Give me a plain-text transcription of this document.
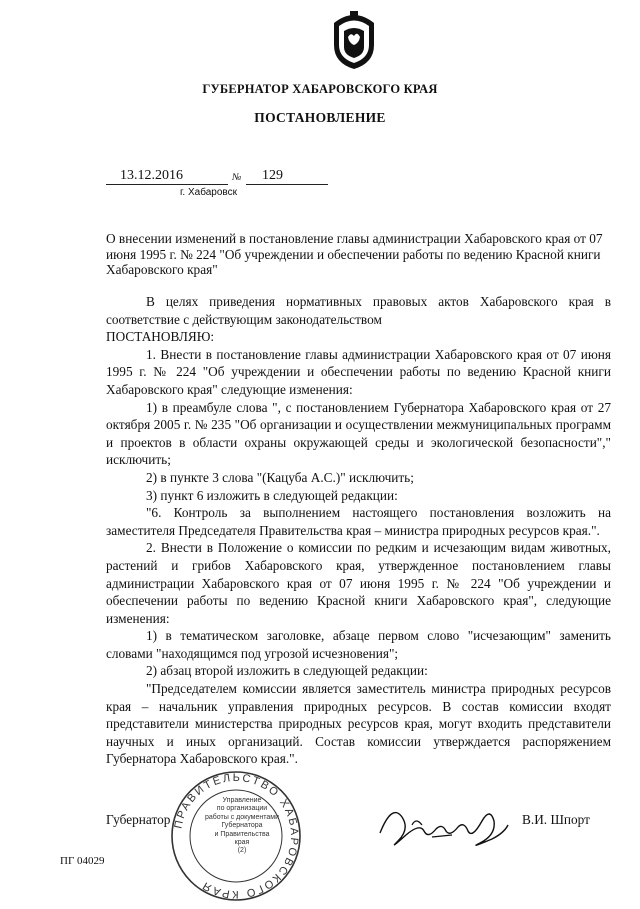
ГУБЕРНАТОР ХАБАРОВСКОГО КРАЯ
ПОСТАНОВЛЕНИЕ
13.12.2016	№ 129
г. Хабаровск
О внесении изменений в постановление главы администрации Хабаровского края от 07 июня 1995 г. № 224 "Об учреждении и обеспечении работы по ведению Красной книги Хабаровского края"

В целях приведения нормативных правовых актов Хабаровского края в соответствие с действующим законодательством

ПОСТАНОВЛЯЮ:

1. Внести в постановление главы администрации Хабаровского края от 07 июня 1995 г. № 224 "Об учреждении и обеспечении работы по ведению Красной книги Хабаровского края" следующие изменения:

1) в преамбуле слова ", с постановлением Губернатора Хабаровского края от 27 октября 2005 г. № 235 "Об организации и осуществлении межмуниципальных программ и проектов в области охраны окружающей среды и экологической безопасности"," исключить;

2) в пункте 3 слова "(Кацуба А.С.)" исключить;

3) пункт 6 изложить в следующей редакции:

"6. Контроль за выполнением настоящего постановления возложить на заместителя Председателя Правительства края – министра природных ресурсов края.".

2. Внести в Положение о комиссии по редким и исчезающим видам животных, растений и грибов Хабаровского края, утвержденное постановлением главы администрации Хабаровского края от 07 июня 1995 г. № 224 "Об учреждении и обеспечении работы по ведению Красной книги Хабаровского края", следующие изменения:

1) в тематическом заголовке, абзаце первом слово "исчезающим" заменить словами "находящимся под угрозой исчезновения";

2) абзац второй изложить в следующей редакции:

"Председателем комиссии является заместитель министра природных ресурсов края – начальник управления природных ресурсов. В состав комиссии входят представители министерства природных ресурсов края, могут входить представители научных и иных организаций. Состав комиссии утверждается распоряжением Губернатора Хабаровского края.".

ПРАВИТЕЛЬСТВО ХАБАРОВСКОГО КРАЯ
Управление
по организации
работы с документами
Губернатора
и Правительства
края
(2)
Губернатор	В.И. Шпорт
ПГ 04029
